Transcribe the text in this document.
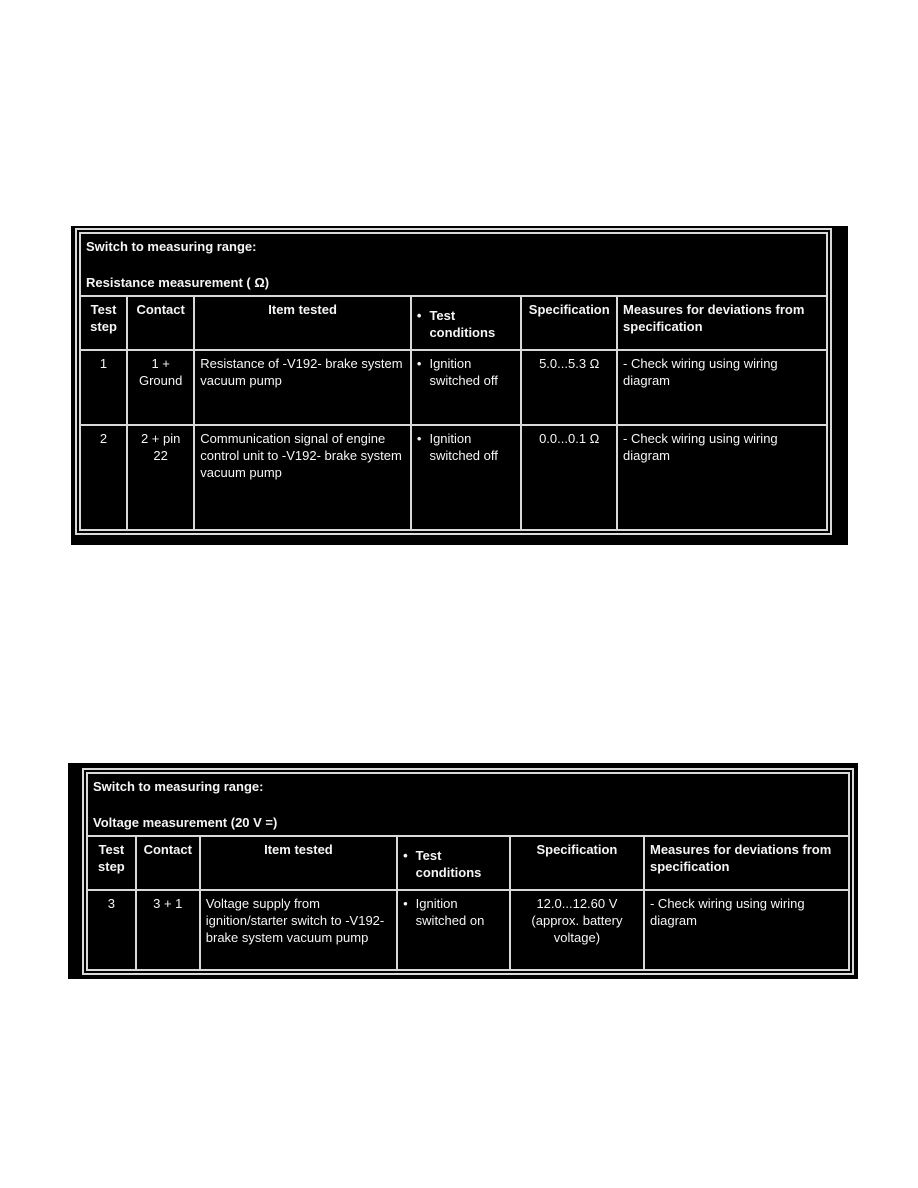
Switch to measuring range:
Resistance measurement ( Ω)					

Test step	Contact	Item tested	• Test conditions	Specification	Measures for deviations from specification
1	1 + Ground	Resistance of -V192- brake system vacuum pump	• Ignition switched off	5.0...5.3 Ω	- Check wiring using wiring diagram
2	2 + pin 22	Communication signal of engine control unit to -V192- brake system vacuum pump	• Ignition switched off	0.0...0.1 Ω	- Check wiring using wiring diagram
Switch to measuring range:
Voltage measurement (20 V =)					

Test step	Contact	Item tested	• Test conditions	Specification	Measures for deviations from specification
3	3 + 1	Voltage supply from ignition/starter switch to -V192- brake system vacuum pump	• Ignition switched on	12.0...12.60 V (approx. battery voltage)	- Check wiring using wiring diagram
